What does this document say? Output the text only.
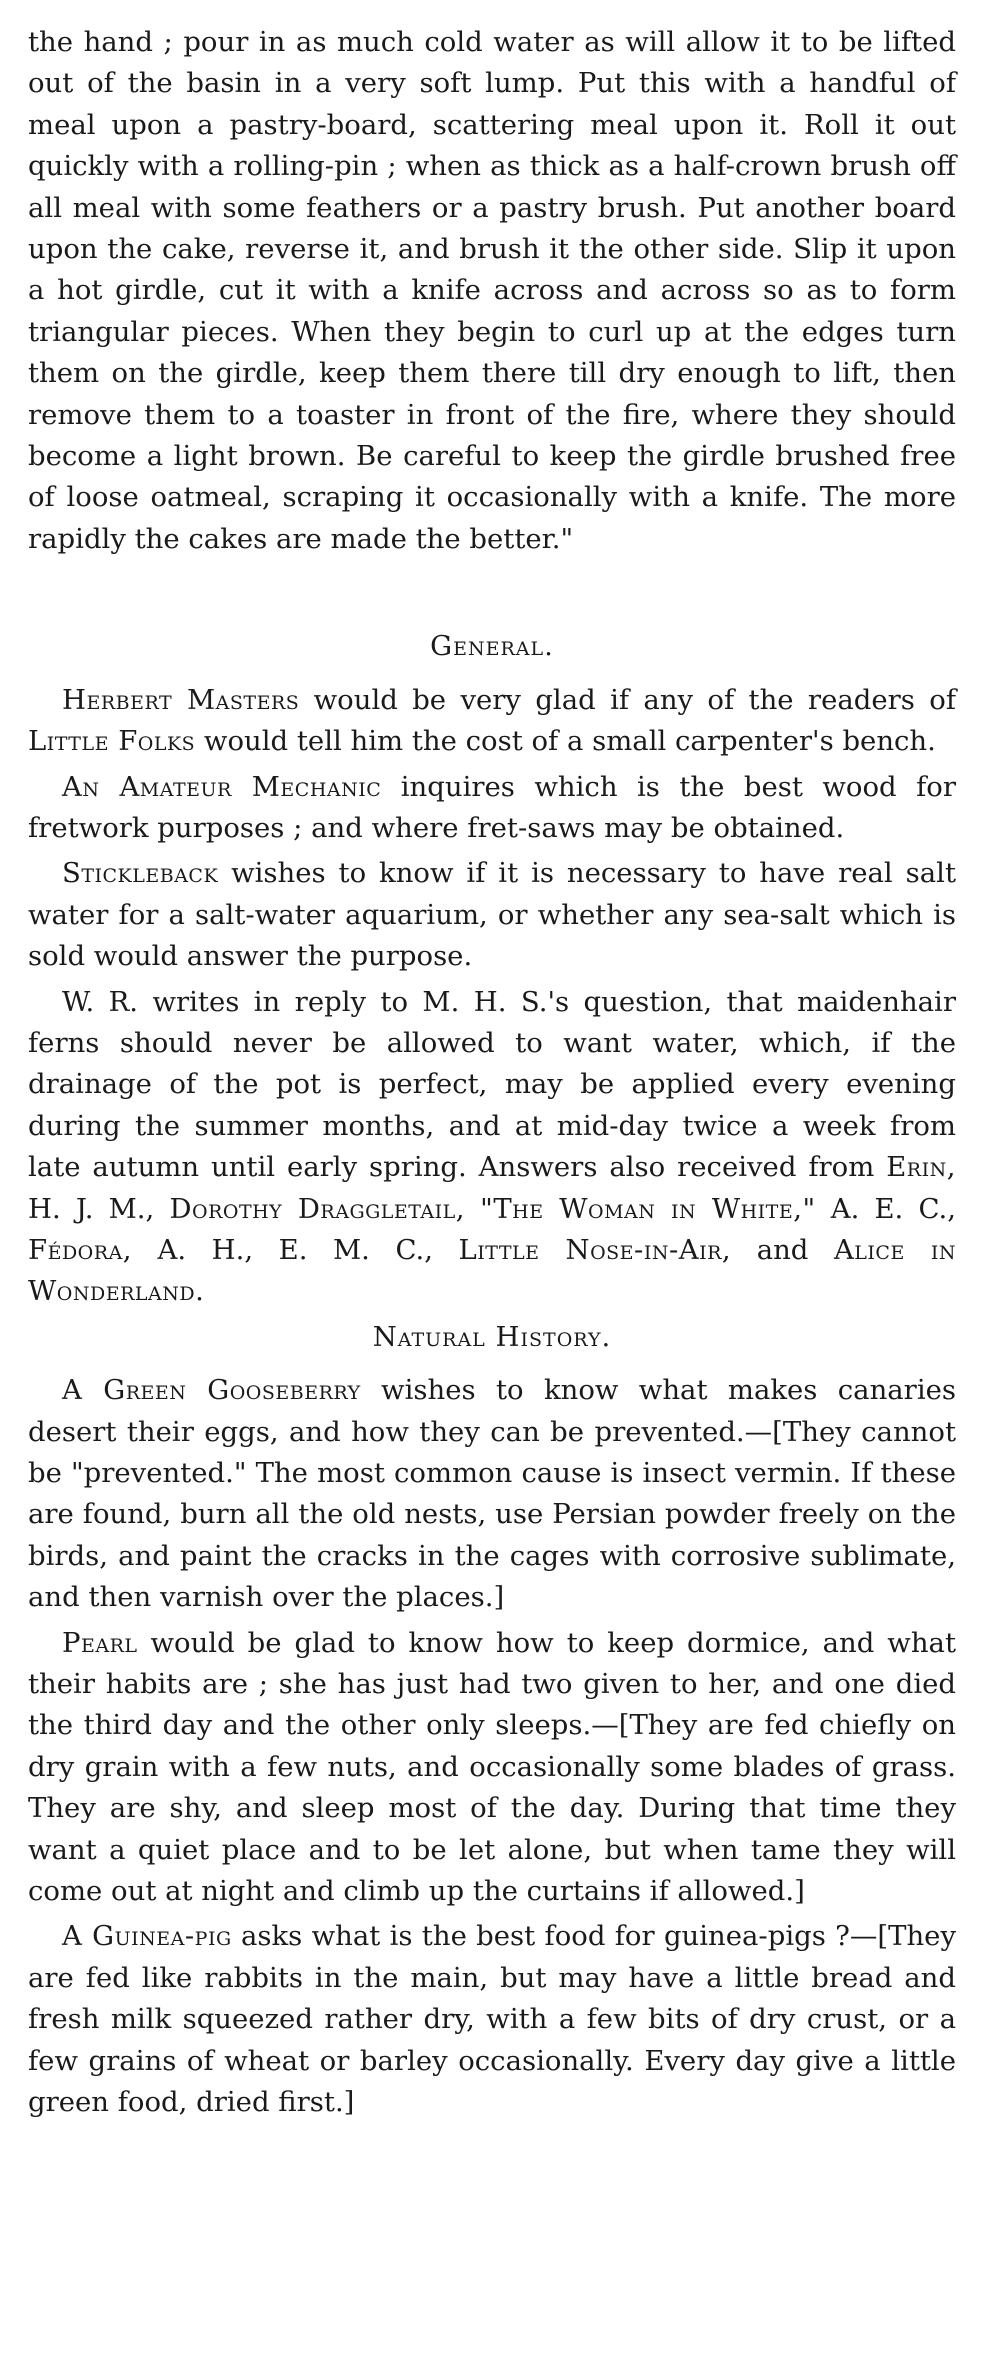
the hand ; pour in as much cold water as will allow it to be lifted out of the basin in a very soft lump. Put this with a handful of meal upon a pastry-board, scattering meal upon it. Roll it out quickly with a rolling-pin ; when as thick as a half-crown brush off all meal with some feathers or a pastry brush. Put another board upon the cake, reverse it, and brush it the other side. Slip it upon a hot girdle, cut it with a knife across and across so as to form triangular pieces. When they begin to curl up at the edges turn them on the girdle, keep them there till dry enough to lift, then remove them to a toaster in front of the fire, where they should become a light brown. Be careful to keep the girdle brushed free of loose oatmeal, scraping it occasionally with a knife. The more rapidly the cakes are made the better."

General.

Herbert Masters would be very glad if any of the readers of Little Folks would tell him the cost of a small carpenter's bench.

An Amateur Mechanic inquires which is the best wood for fretwork purposes ; and where fret-saws may be obtained.

Stickleback wishes to know if it is necessary to have real salt water for a salt-water aquarium, or whether any sea-salt which is sold would answer the purpose.

W. R. writes in reply to M. H. S.'s question, that maidenhair ferns should never be allowed to want water, which, if the drainage of the pot is perfect, may be applied every evening during the summer months, and at mid-day twice a week from late autumn until early spring. Answers also received from Erin, H. J. M., Dorothy Draggletail, "The Woman in White," A. E. C., Fédora, A. H., E. M. C., Little Nose-in-Air, and Alice in Wonderland.

Natural History.

A Green Gooseberry wishes to know what makes canaries desert their eggs, and how they can be prevented.—[They cannot be "prevented." The most common cause is insect vermin. If these are found, burn all the old nests, use Persian powder freely on the birds, and paint the cracks in the cages with corrosive sublimate, and then varnish over the places.]

Pearl would be glad to know how to keep dormice, and what their habits are ; she has just had two given to her, and one died the third day and the other only sleeps.—[They are fed chiefly on dry grain with a few nuts, and occasionally some blades of grass. They are shy, and sleep most of the day. During that time they want a quiet place and to be let alone, but when tame they will come out at night and climb up the curtains if allowed.]

A Guinea-pig asks what is the best food for guinea-pigs ?—[They are fed like rabbits in the main, but may have a little bread and fresh milk squeezed rather dry, with a few bits of dry crust, or a few grains of wheat or barley occasionally. Every day give a little green food, dried first.]
